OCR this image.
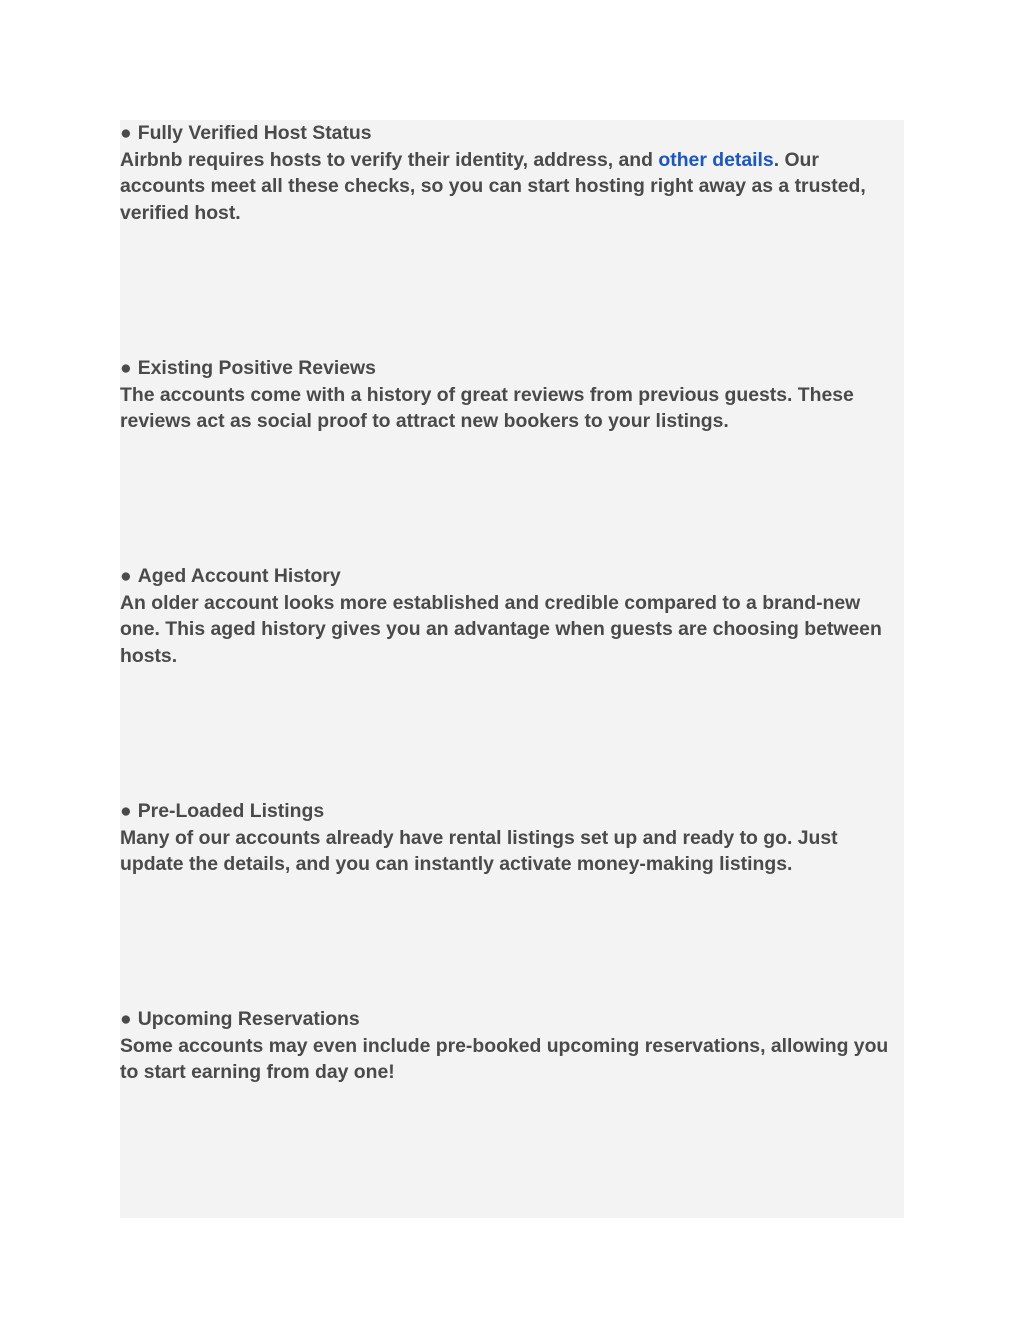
● Fully Verified Host Status

Airbnb requires hosts to verify their identity, address, and other details. Our accounts meet all these checks, so you can start hosting right away as a trusted, verified host.

● Existing Positive Reviews

The accounts come with a history of great reviews from previous guests. These reviews act as social proof to attract new bookers to your listings.

● Aged Account History

An older account looks more established and credible compared to a brand-new one. This aged history gives you an advantage when guests are choosing between hosts.

● Pre-Loaded Listings

Many of our accounts already have rental listings set up and ready to go. Just update the details, and you can instantly activate money-making listings.

● Upcoming Reservations

Some accounts may even include pre-booked upcoming reservations, allowing you to start earning from day one!
